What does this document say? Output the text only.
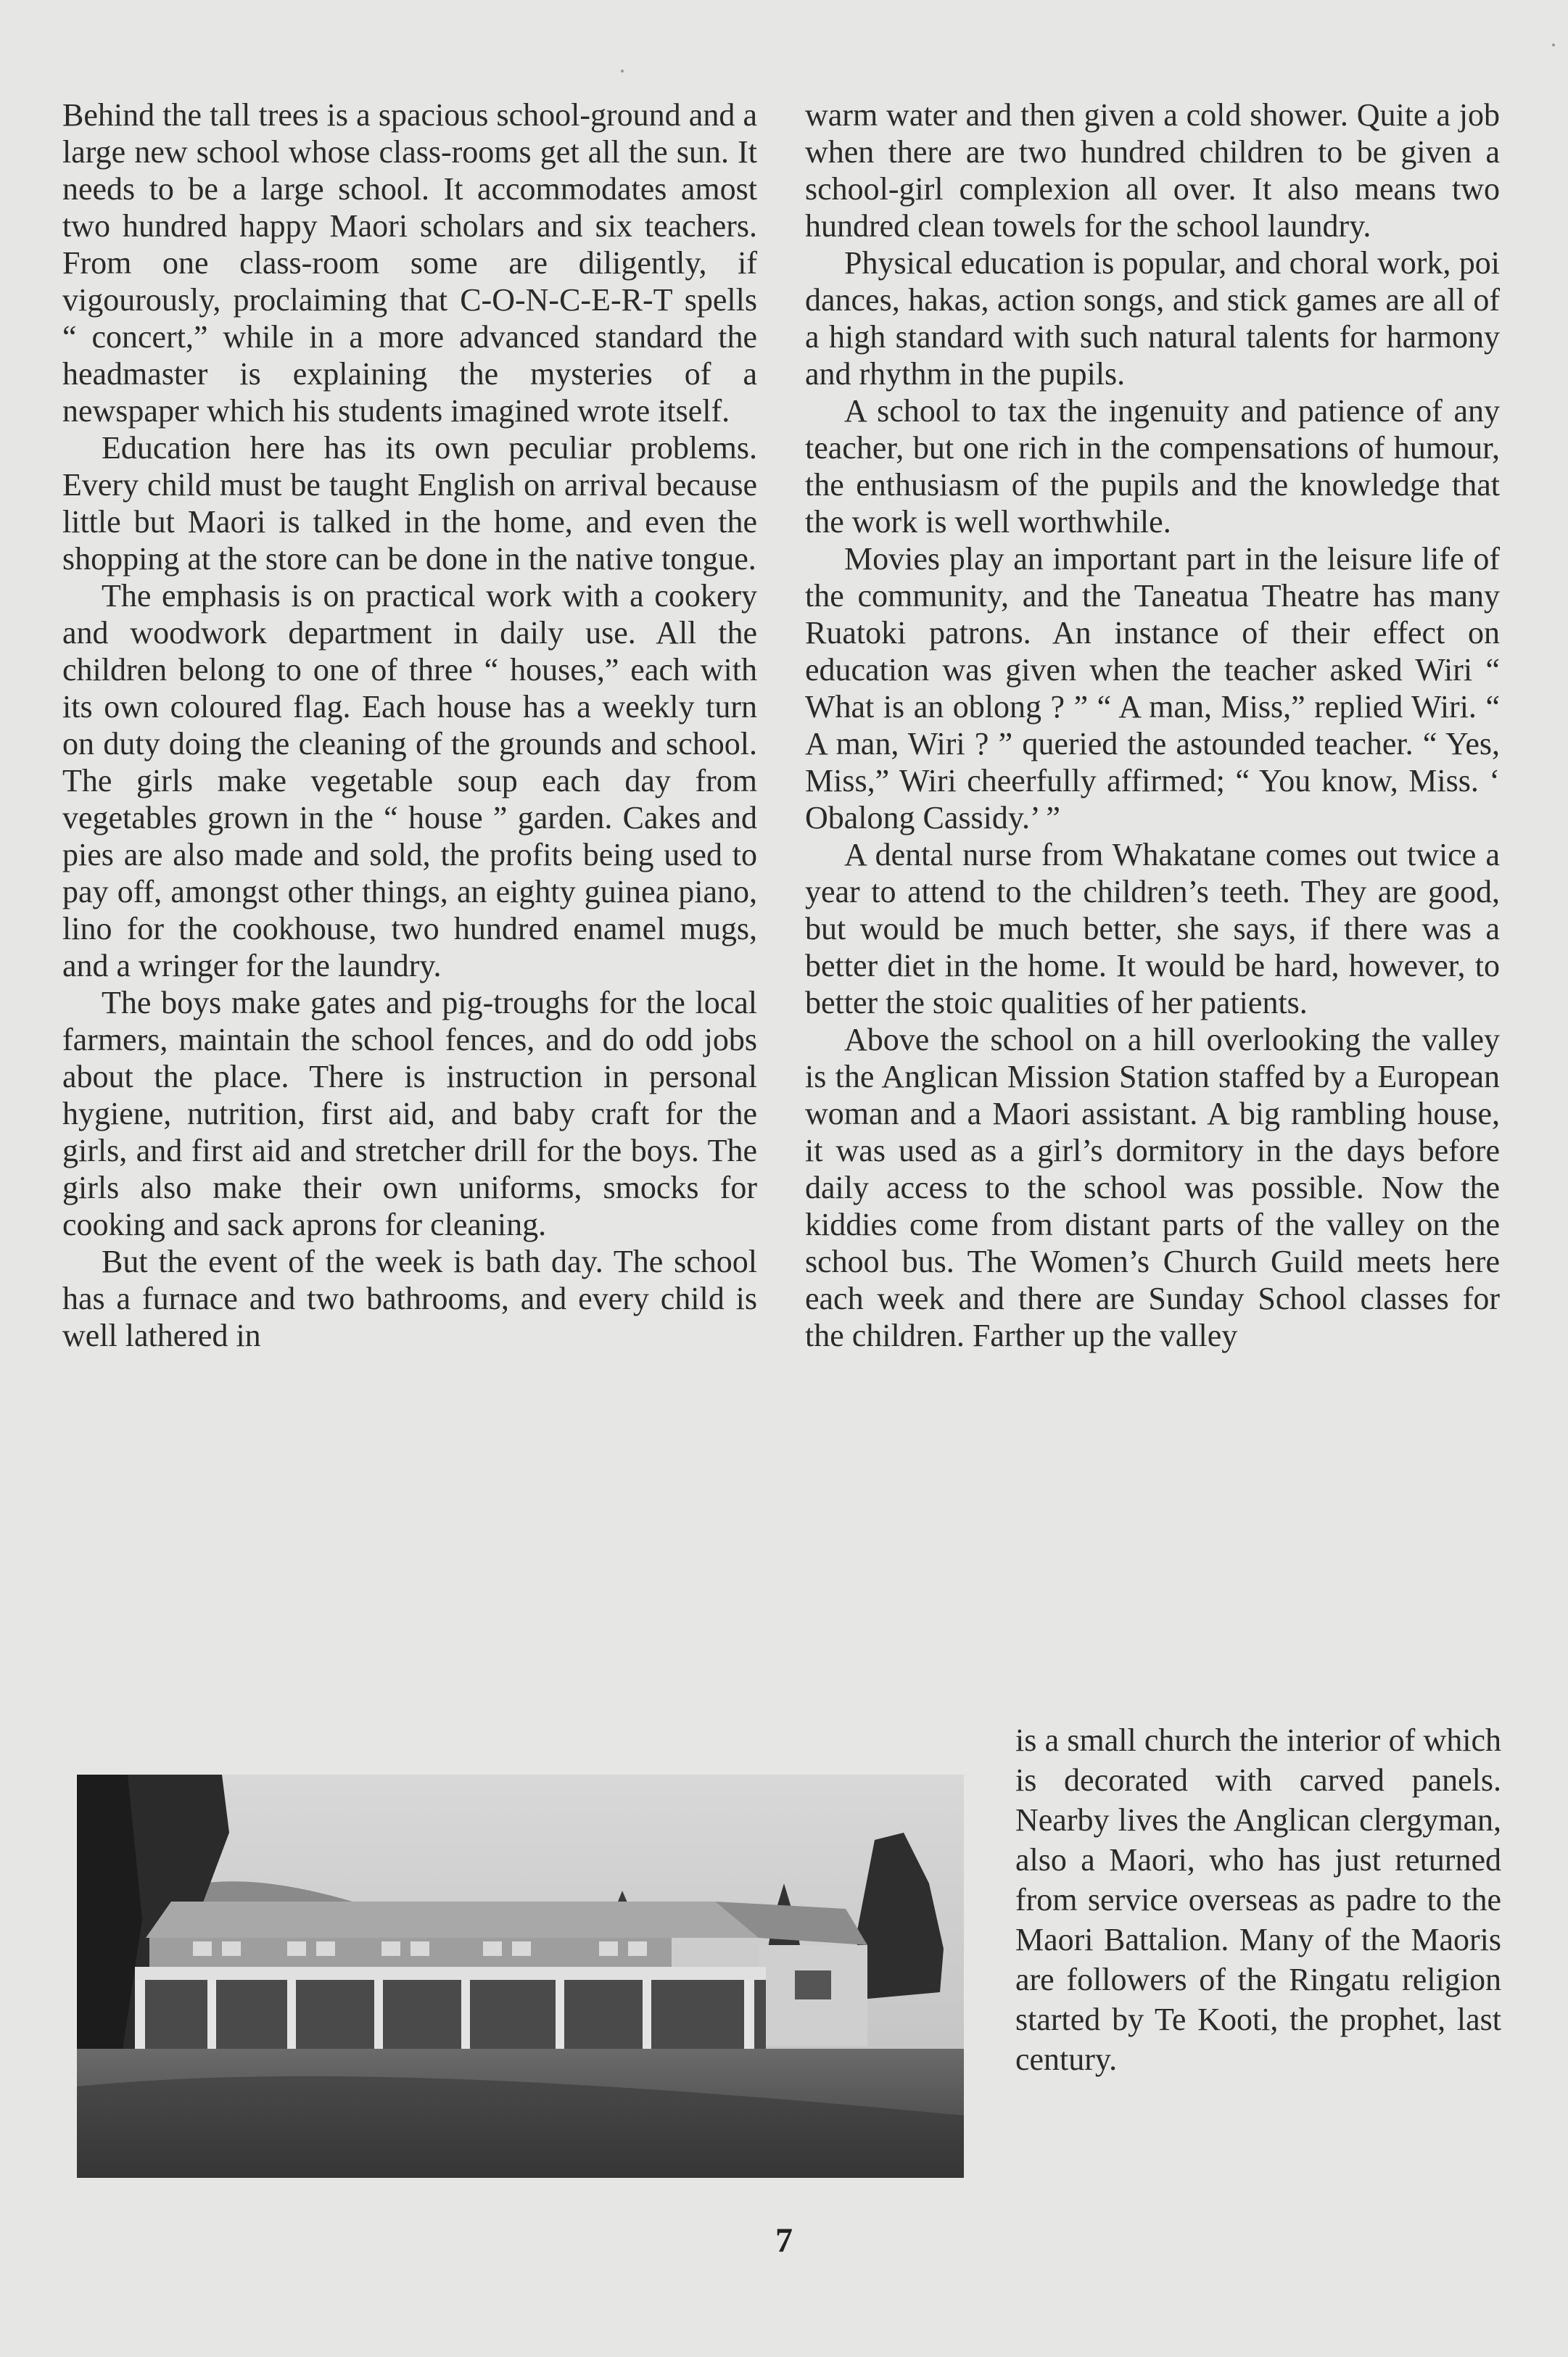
Behind the tall trees is a spacious school-ground and a large new school whose class-rooms get all the sun. It needs to be a large school. It accommodates amost two hundred happy Maori scholars and six teachers. From one class-room some are diligently, if vigourously, proclaiming that C-O-N-C-E-R-T spells “ concert,” while in a more advanced standard the headmaster is explaining the mysteries of a newspaper which his students imagined wrote itself.

Education here has its own peculiar problems. Every child must be taught English on arrival because little but Maori is talked in the home, and even the shopping at the store can be done in the native tongue.

The emphasis is on practical work with a cookery and woodwork department in daily use. All the children belong to one of three “ houses,” each with its own coloured flag. Each house has a weekly turn on duty doing the cleaning of the grounds and school. The girls make vegetable soup each day from vegetables grown in the “ house ” garden. Cakes and pies are also made and sold, the profits being used to pay off, amongst other things, an eighty guinea piano, lino for the cookhouse, two hundred enamel mugs, and a wringer for the laundry.

The boys make gates and pig-troughs for the local farmers, maintain the school fences, and do odd jobs about the place. There is instruction in personal hygiene, nutrition, first aid, and baby craft for the girls, and first aid and stretcher drill for the boys. The girls also make their own uniforms, smocks for cooking and sack aprons for cleaning.

But the event of the week is bath day. The school has a furnace and two bathrooms, and every child is well lathered in

warm water and then given a cold shower. Quite a job when there are two hundred children to be given a school-girl complexion all over. It also means two hundred clean towels for the school laundry.

Physical education is popular, and choral work, poi dances, hakas, action songs, and stick games are all of a high standard with such natural talents for harmony and rhythm in the pupils.

A school to tax the ingenuity and patience of any teacher, but one rich in the compensations of humour, the enthusiasm of the pupils and the knowledge that the work is well worthwhile.

Movies play an important part in the leisure life of the community, and the Taneatua Theatre has many Ruatoki patrons. An instance of their effect on education was given when the teacher asked Wiri “ What is an oblong ? ” “ A man, Miss,” replied Wiri. “ A man, Wiri ? ” queried the astounded teacher. “ Yes, Miss,” Wiri cheerfully affirmed; “ You know, Miss. ‘ Obalong Cassidy.’ ”

A dental nurse from Whakatane comes out twice a year to attend to the children’s teeth. They are good, but would be much better, she says, if there was a better diet in the home. It would be hard, however, to better the stoic qualities of her patients.

Above the school on a hill overlooking the valley is the Anglican Mission Station staffed by a European woman and a Maori assistant. A big rambling house, it was used as a girl’s dormitory in the days before daily access to the school was possible. Now the kiddies come from distant parts of the valley on the school bus. The Women’s Church Guild meets here each week and there are Sunday School classes for the children. Farther up the valley

is a small church the interior of which is decorated with carved panels. Nearby lives the Anglican clergyman, also a Maori, who has just returned from service overseas as padre to the Maori Battalion. Many of the Maoris are followers of the Ringatu religion started by Te Kooti, the prophet, last century.

7
